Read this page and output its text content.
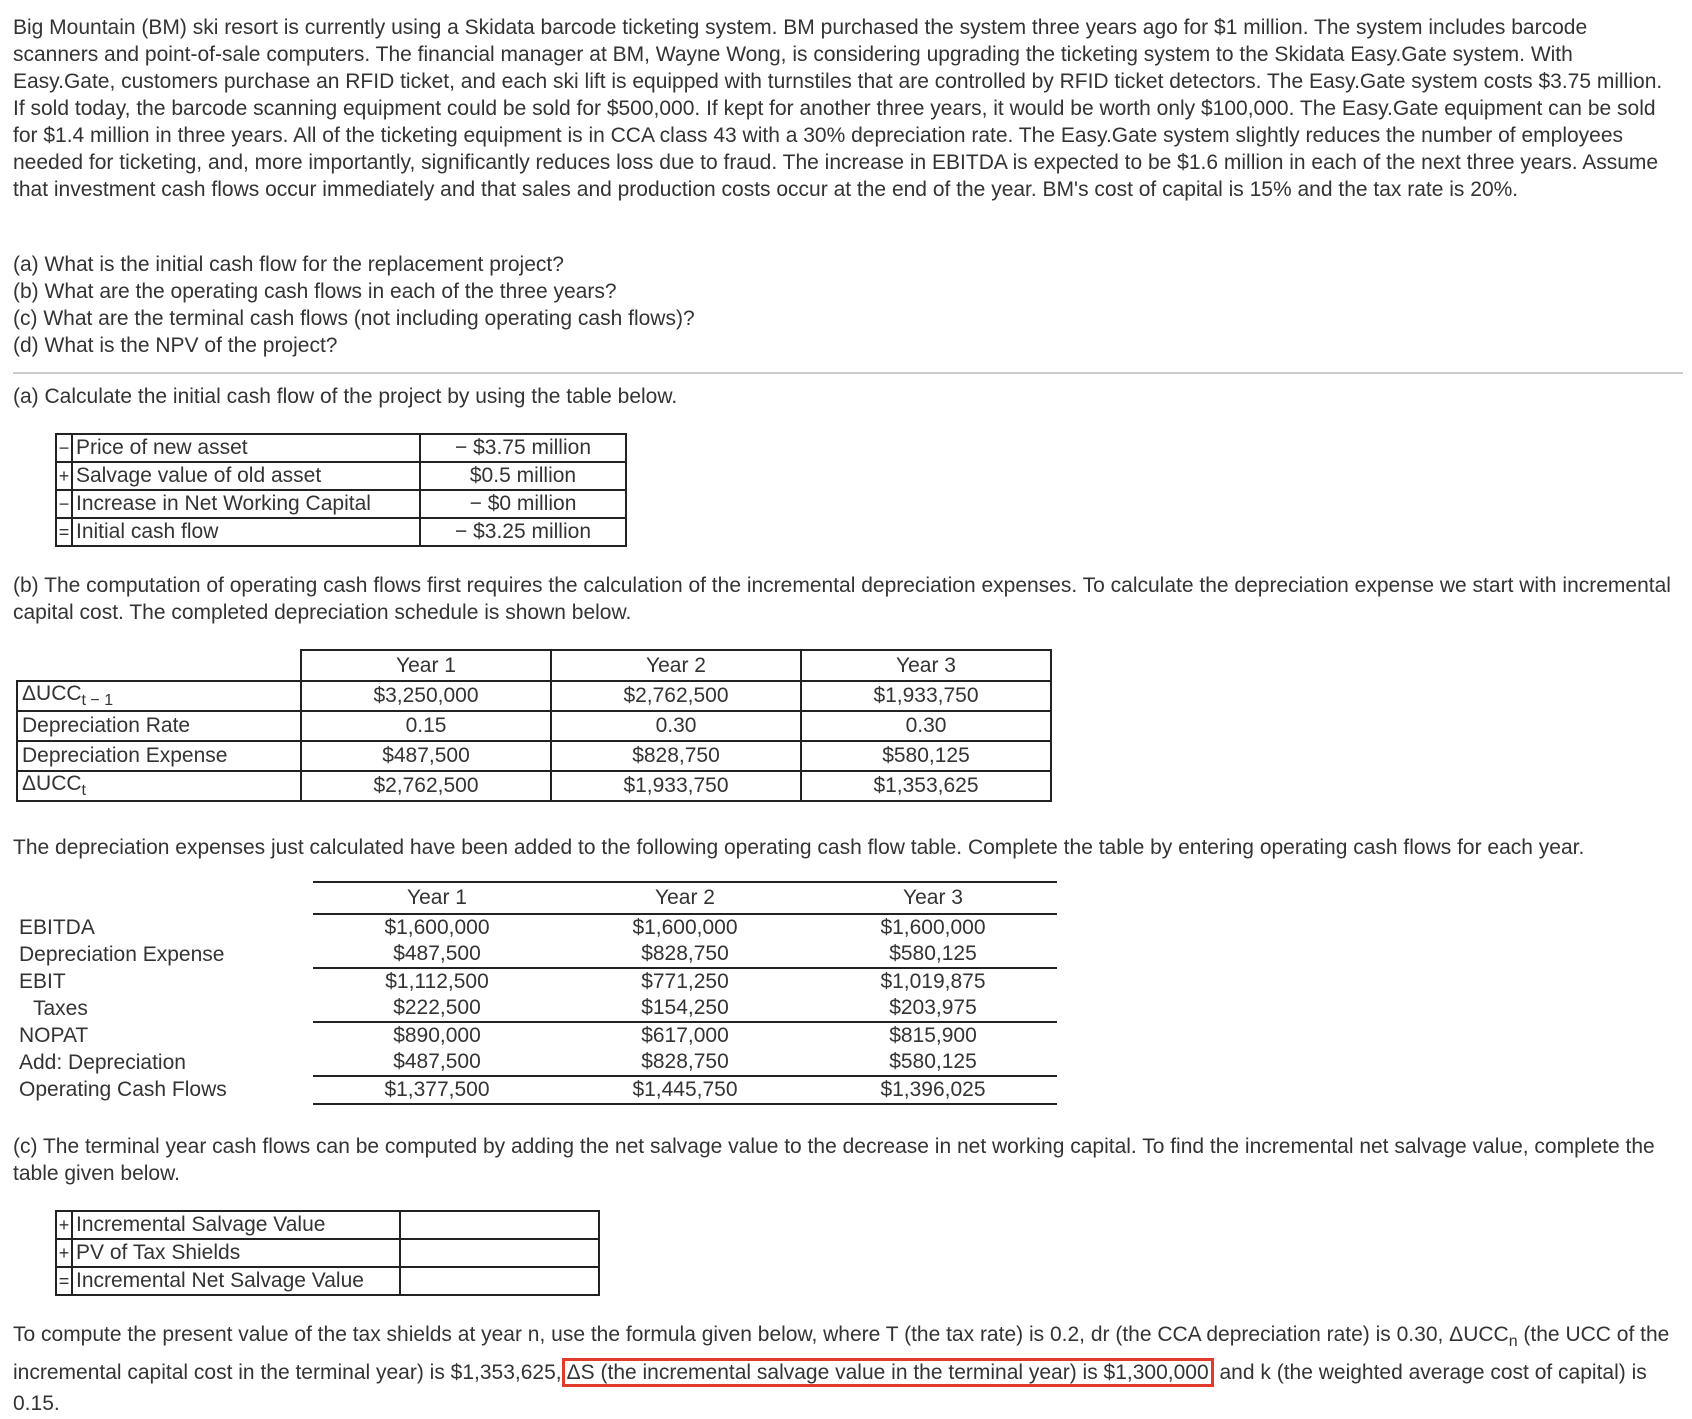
Big Mountain (BM) ski resort is currently using a Skidata barcode ticketing system. BM purchased the system three years ago for $1 million. The system includes barcode scanners and point-of-sale computers. The financial manager at BM, Wayne Wong, is considering upgrading the ticketing system to the Skidata Easy.Gate system. With Easy.Gate, customers purchase an RFID ticket, and each ski lift is equipped with turnstiles that are controlled by RFID ticket detectors. The Easy.Gate system costs $3.75 million. If sold today, the barcode scanning equipment could be sold for $500,000. If kept for another three years, it would be worth only $100,000. The Easy.Gate equipment can be sold for $1.4 million in three years. All of the ticketing equipment is in CCA class 43 with a 30% depreciation rate. The Easy.Gate system slightly reduces the number of employees needed for ticketing, and, more importantly, significantly reduces loss due to fraud. The increase in EBITDA is expected to be $1.6 million in each of the next three years. Assume that investment cash flows occur immediately and that sales and production costs occur at the end of the year. BM's cost of capital is 15% and the tax rate is 20%.

(a) What is the initial cash flow for the replacement project?

(b) What are the operating cash flows in each of the three years?

(c) What are the terminal cash flows (not including operating cash flows)?

(d) What is the NPV of the project?

(a) Calculate the initial cash flow of the project by using the table below.

−	Price of new asset	− $3.75 million
+	Salvage value of old asset	$0.5 million
−	Increase in Net Working Capital	− $0 million
=	Initial cash flow	− $3.25 million

(b) The computation of operating cash flows first requires the calculation of the incremental depreciation expenses. To calculate the depreciation expense we start with incremental capital cost. The completed depreciation schedule is shown below.

	Year 1	Year 2	Year 3
$\Delta UCC_{t - 1}$	$3,250,000	$2,762,500	$1,933,750
Depreciation Rate	0.15	0.30	0.30
Depreciation Expense	$487,500	$828,750	$580,125
$\Delta UCC_t$	$2,762,500	$1,933,750	$1,353,625

The depreciation expenses just calculated have been added to the following operating cash flow table. Complete the table by entering operating cash flows for each year.

	Year 1	Year 2	Year 3
EBITDA	$1,600,000	$1,600,000	$1,600,000
Depreciation Expense	$487,500	$828,750	$580,125
EBIT	$1,112,500	$771,250	$1,019,875
Taxes	$222,500	$154,250	$203,975
NOPAT	$890,000	$617,000	$815,900
Add: Depreciation	$487,500	$828,750	$580,125
Operating Cash Flows	$1,377,500	$1,445,750	$1,396,025

(c) The terminal year cash flows can be computed by adding the net salvage value to the decrease in net working capital. To find the incremental net salvage value, complete the table given below.

+	Incremental Salvage Value	
+	PV of Tax Shields	
=	Incremental Net Salvage Value	

To compute the present value of the tax shields at year n, use the formula given below, where T (the tax rate) is 0.2, dr (the CCA depreciation rate) is 0.30, $\Delta UCC_n$ (the UCC of the incremental capital cost in the terminal year) is $1,353,625, ΔS (the incremental salvage value in the terminal year) is $1,300,000 and k (the weighted average cost of capital) is 0.15.
